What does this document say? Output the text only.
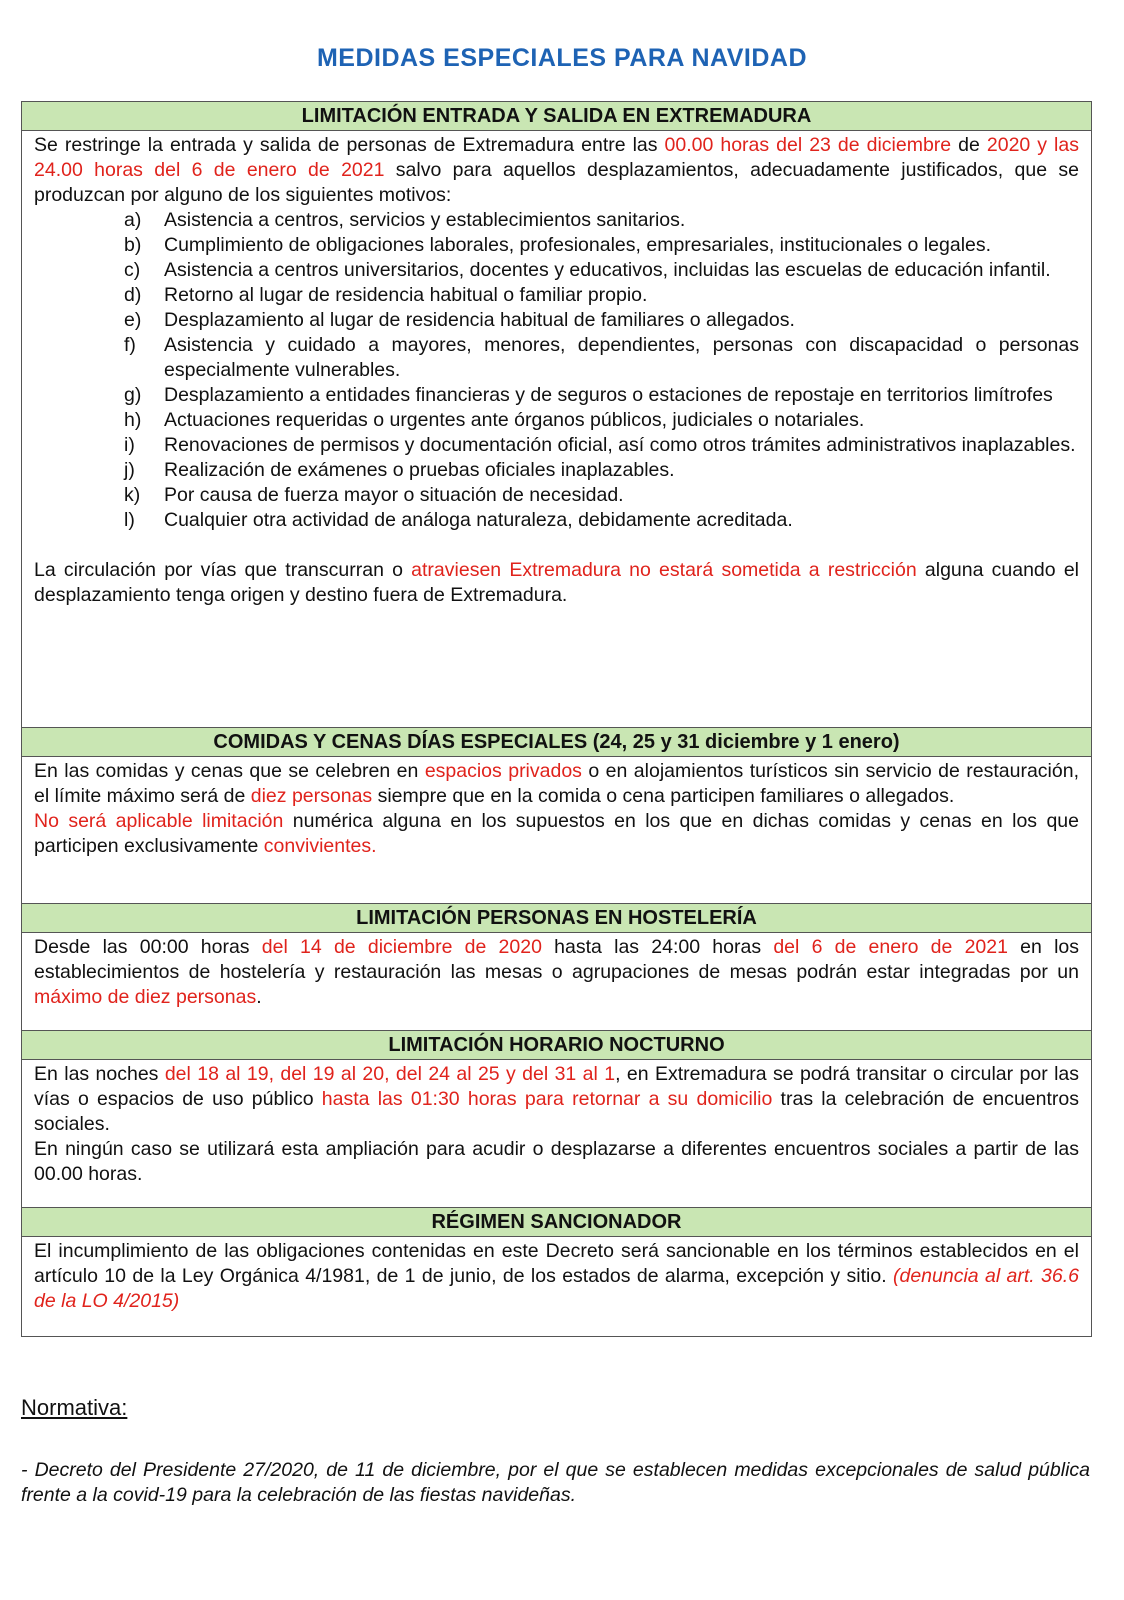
MEDIDAS ESPECIALES PARA NAVIDAD
LIMITACIÓN ENTRADA Y SALIDA EN EXTREMADURA
Se restringe la entrada y salida de personas de Extremadura entre las 00.00 horas del 23 de diciembre de 2020 y las 24.00 horas del 6 de enero de 2021 salvo para aquellos desplazamientos, adecuadamente justificados, que se produzcan por alguno de los siguientes motivos:
a)	Asistencia a centros, servicios y establecimientos sanitarios.
b)	Cumplimiento de obligaciones laborales, profesionales, empresariales, institucionales o legales.
c)	Asistencia a centros universitarios, docentes y educativos, incluidas las escuelas de educación infantil.
d)	Retorno al lugar de residencia habitual o familiar propio.
e)	Desplazamiento al lugar de residencia habitual de familiares o allegados.
f)	Asistencia y cuidado a mayores, menores, dependientes, personas con discapacidad o personas especialmente vulnerables.
g)	Desplazamiento a entidades financieras y de seguros o estaciones de repostaje en territorios limítrofes
h)	Actuaciones requeridas o urgentes ante órganos públicos, judiciales o notariales.
i)	Renovaciones de permisos y documentación oficial, así como otros trámites administrativos inaplazables.
j)	Realización de exámenes o pruebas oficiales inaplazables.
k)	Por causa de fuerza mayor o situación de necesidad.
l)	Cualquier otra actividad de análoga naturaleza, debidamente acreditada.
La circulación por vías que transcurran o atraviesen Extremadura no estará sometida a restricción alguna cuando el desplazamiento tenga origen y destino fuera de Extremadura.
COMIDAS Y CENAS DÍAS ESPECIALES (24, 25 y 31 diciembre y 1 enero)
En las comidas y cenas que se celebren en espacios privados o en alojamientos turísticos sin servicio de restauración, el límite máximo será de diez personas siempre que en la comida o cena participen familiares o allegados.
No será aplicable limitación numérica alguna en los supuestos en los que en dichas comidas y cenas en los que participen exclusivamente convivientes.
LIMITACIÓN PERSONAS EN HOSTELERÍA
Desde las 00:00 horas del 14 de diciembre de 2020 hasta las 24:00 horas del 6 de enero de 2021 en los establecimientos de hostelería y restauración las mesas o agrupaciones de mesas podrán estar integradas por un máximo de diez personas.
LIMITACIÓN HORARIO NOCTURNO
En las noches del 18 al 19, del 19 al 20, del 24 al 25 y del 31 al 1, en Extremadura se podrá transitar o circular por las vías o espacios de uso público hasta las 01:30 horas para retornar a su domicilio tras la celebración de encuentros sociales.
En ningún caso se utilizará esta ampliación para acudir o desplazarse a diferentes encuentros sociales a partir de las 00.00 horas.
RÉGIMEN SANCIONADOR
El incumplimiento de las obligaciones contenidas en este Decreto será sancionable en los términos establecidos en el artículo 10 de la Ley Orgánica 4/1981, de 1 de junio, de los estados de alarma, excepción y sitio. (denuncia al art. 36.6 de la LO 4/2015)
Normativa:
- Decreto del Presidente 27/2020, de 11 de diciembre, por el que se establecen medidas excepcionales de salud pública frente a la covid-19 para la celebración de las fiestas navideñas.
